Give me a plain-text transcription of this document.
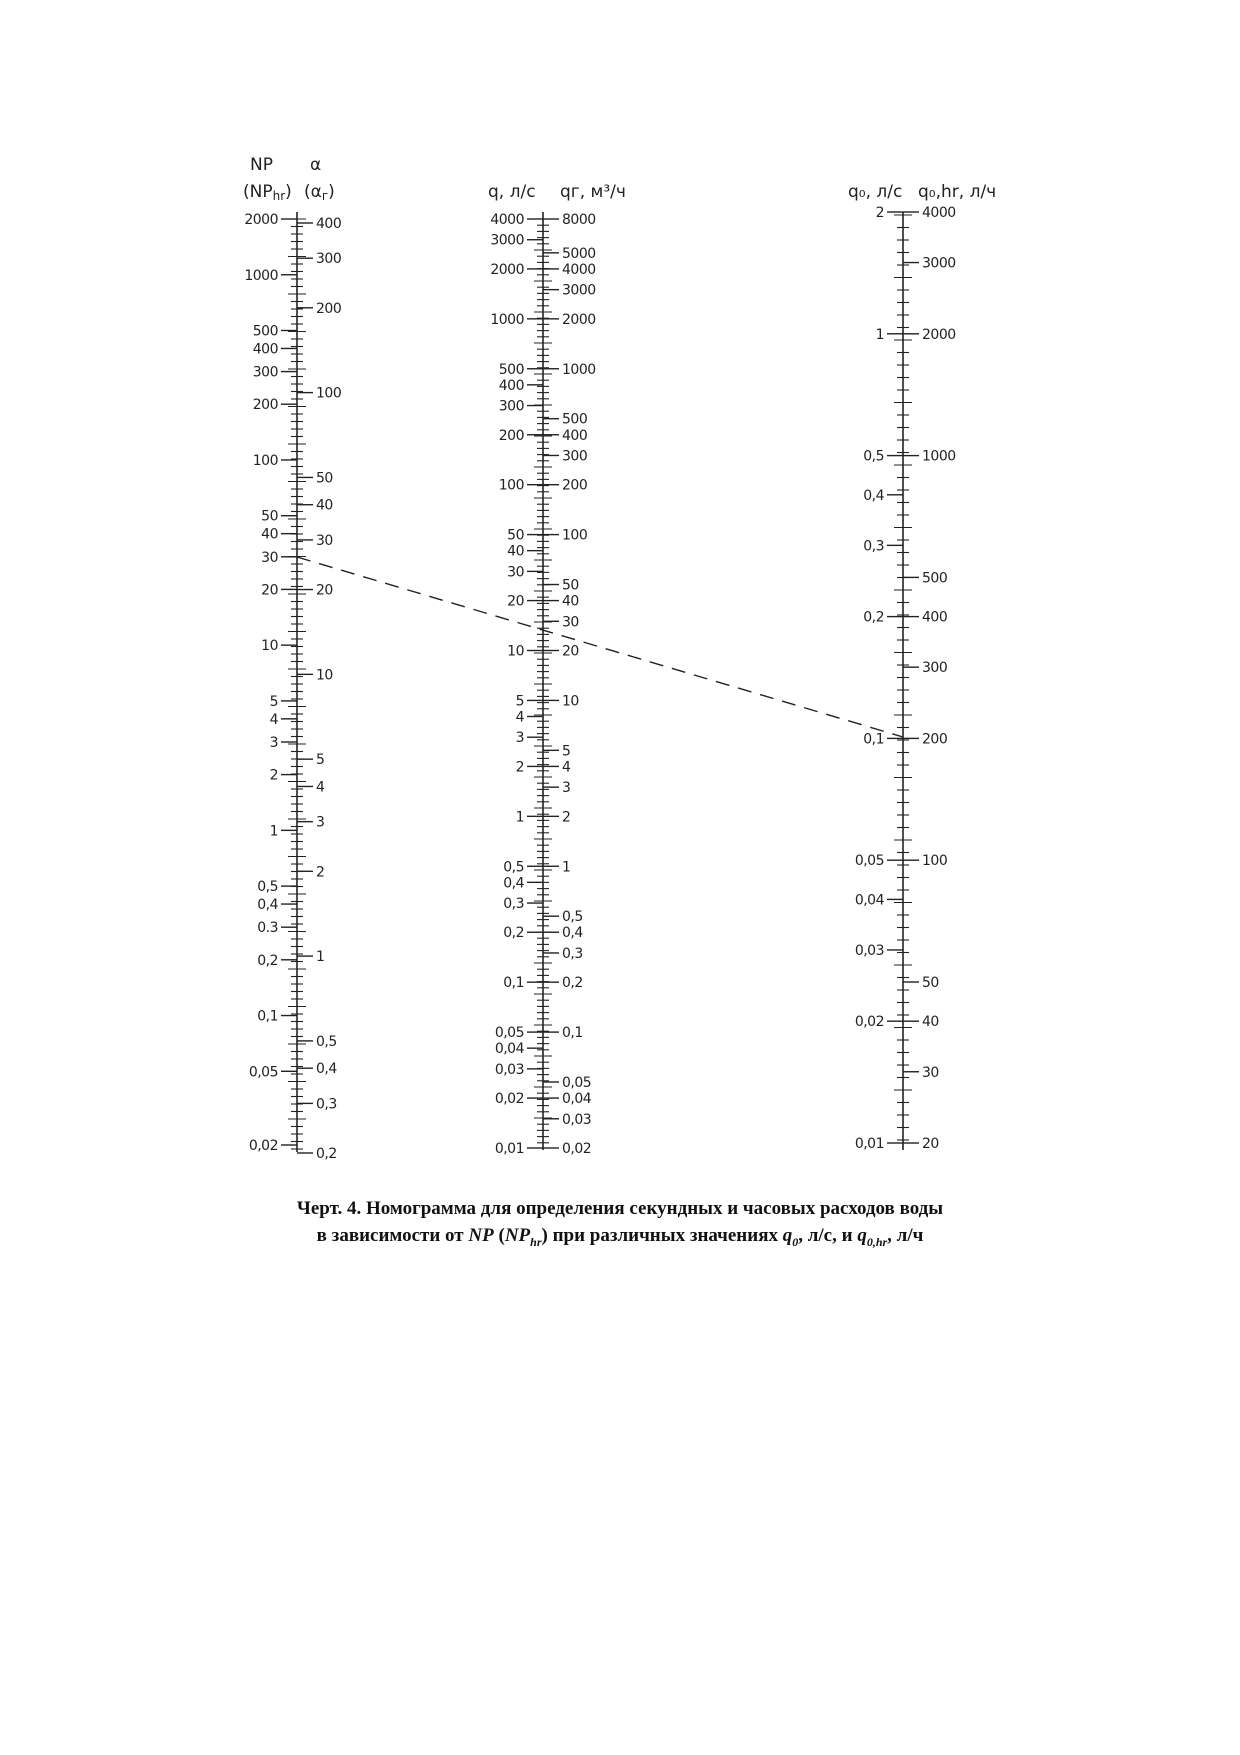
NP
(NPhr)
α
(αг)	q, л/с qг, м³/ч	q₀, л/с q₀,hr, л/ч
2000
1000
500
400
300
200
100
50
40
30
20
10
5
4
3
2
1
0,5
0,4
0.3
0,2
0,1
0,05
0,02
400
300
200
100
50
40
30
20
10
5
4
3
2
1
0,5
0,4
0,3
0,2
4000
3000
2000
1000
500
400
300
200
100
50
40
30
20
10
5
4
3
2
1
0,5
0,4
0,3
0,2
0,1
0,05
0,04
0,03
0,02
0,01
8000
5000
4000
3000
2000
1000
500
400
300
200
100
50
40
30
20
10
5
4
3
2
1
0,5
0,4
0,3
0,2
0,1
0,05
0,04
0,03
0,02
2
1
0,5
0,4
0,3
0,2
0,1
0,05
0,04
0,03
0,02
0,01
4000
3000
2000
1000
500
400
300
200
100
50
40
30
20
Черт. 4. Номограмма для определения секундных и часовых расходов воды
в зависимости от NP $(NP_{hr})$ при различных значениях $q_0$, л/с, и $q_{0,hr}$, л/ч
